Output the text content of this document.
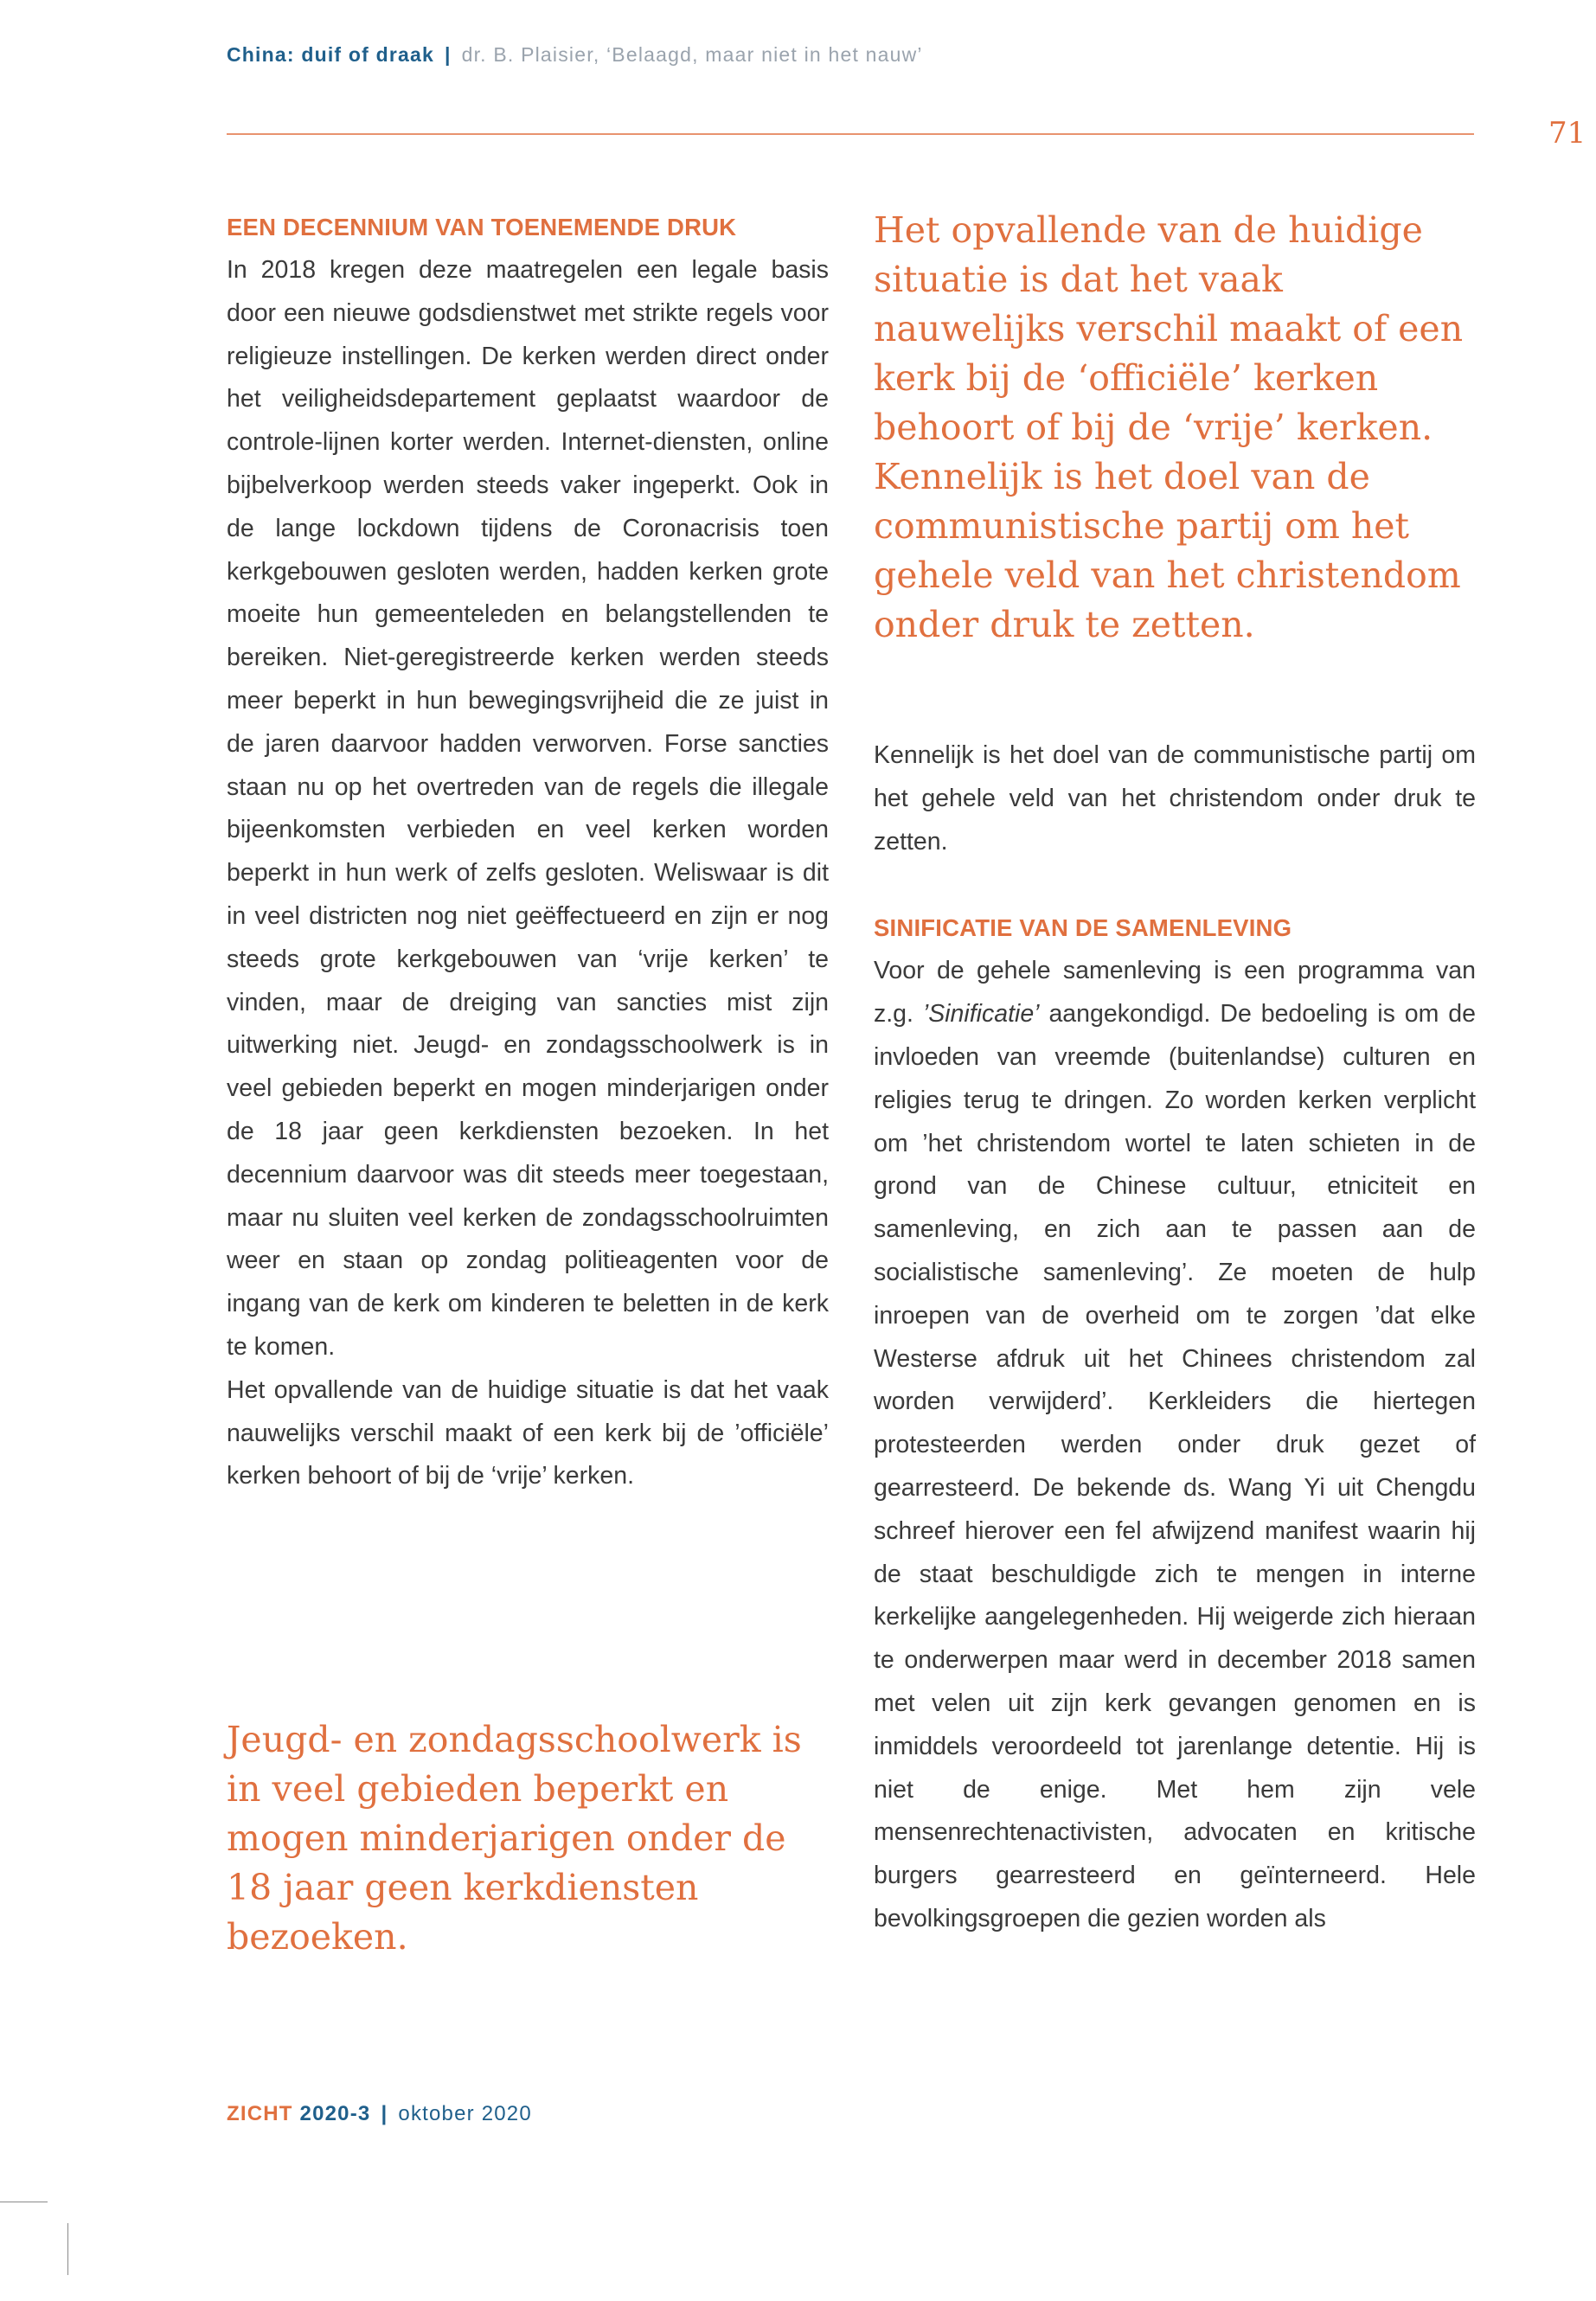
China: duif of draak | dr. B. Plaisier, ‘Belaagd, maar niet in het nauw’
71
EEN DECENNIUM VAN TOENEMENDE DRUK

In 2018 kregen deze maatregelen een legale basis door een nieuwe godsdienstwet met strikte regels voor religieuze instellingen. De kerken werden direct onder het veiligheidsdepartement geplaatst waardoor de controle-lijnen korter werden. Internet-diensten, online bijbelverkoop werden steeds vaker ingeperkt. Ook in de lange lockdown tijdens de Coronacrisis toen kerkgebouwen gesloten werden, hadden kerken grote moeite hun gemeenteleden en belangstellenden te bereiken. Niet-geregistreerde kerken werden steeds meer beperkt in hun bewegingsvrijheid die ze juist in de jaren daarvoor hadden verworven. Forse sancties staan nu op het overtreden van de regels die illegale bijeenkomsten verbieden en veel kerken worden beperkt in hun werk of zelfs gesloten. Weliswaar is dit in veel districten nog niet geëffectueerd en zijn er nog steeds grote kerkgebouwen van ‘vrije kerken’ te vinden, maar de dreiging van sancties mist zijn uitwerking niet. Jeugd- en zondagsschoolwerk is in veel gebieden beperkt en mogen minderjarigen onder de 18 jaar geen kerkdiensten bezoeken. In het decennium daarvoor was dit steeds meer toegestaan, maar nu sluiten veel kerken de zondagsschoolruimten weer en staan op zondag politieagenten voor de ingang van de kerk om kinderen te beletten in de kerk te komen.

Het opvallende van de huidige situatie is dat het vaak nauwelijks verschil maakt of een kerk bij de ’officiële’ kerken behoort of bij de ‘vrije’ kerken.

Jeugd- en zondagsschoolwerk is in veel gebieden beperkt en mogen minderjarigen onder de 18 jaar geen kerkdiensten bezoeken.

Het opvallende van de huidige situatie is dat het vaak nauwelijks verschil maakt of een kerk bij de ‘officiële’ kerken behoort of bij de ‘vrije’ kerken. Kennelijk is het doel van de communistische partij om het gehele veld van het christendom onder druk te zetten.

Kennelijk is het doel van de communistische partij om het gehele veld van het christendom onder druk te zetten.

SINIFICATIE VAN DE SAMENLEVING

Voor de gehele samenleving is een programma van z.g. ’Sinificatie’ aangekondigd. De bedoeling is om de invloeden van vreemde (buitenlandse) culturen en religies terug te dringen. Zo worden kerken verplicht om ’het christendom wortel te laten schieten in de grond van de Chinese cultuur, etniciteit en samenleving, en zich aan te passen aan de socialistische samenleving’. Ze moeten de hulp inroepen van de overheid om te zorgen ’dat elke Westerse afdruk uit het Chinees christendom zal worden verwijderd’. Kerkleiders die hiertegen protesteerden werden onder druk gezet of gearresteerd. De bekende ds. Wang Yi uit Chengdu schreef hierover een fel afwijzend manifest waarin hij de staat beschuldigde zich te mengen in interne kerkelijke aangelegenheden. Hij weigerde zich hieraan te onderwerpen maar werd in december 2018 samen met velen uit zijn kerk gevangen genomen en is inmiddels veroordeeld tot jarenlange detentie. Hij is niet de enige. Met hem zijn vele mensenrechtenactivisten, advocaten en kritische burgers gearresteerd en geïnterneerd. Hele bevolkingsgroepen die gezien worden als

ZICHT 2020-3 | oktober 2020
